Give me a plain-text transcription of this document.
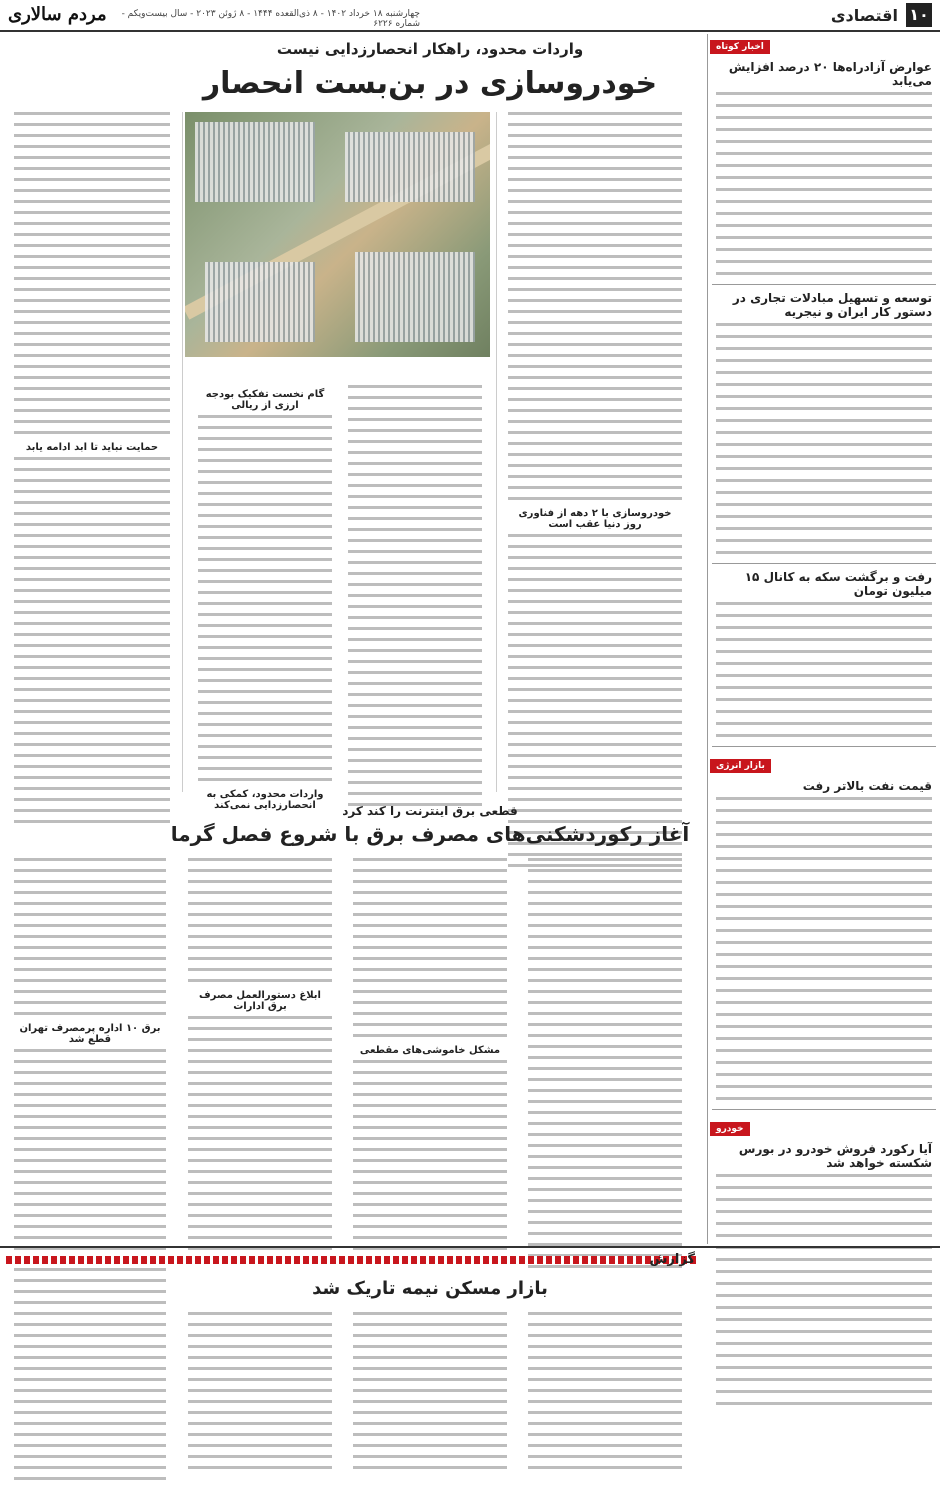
۱۰
اقتصادی
چهارشنبه ۱۸ خرداد ۱۴۰۲ - ۸ ذی‌القعده ۱۴۴۴ - ۸ ژوئن ۲۰۲۳ - سال بیست‌و‌یکم - شماره ۶۲۲۶
مردم سالاری
اخبار کوتاه
عوارض آزادراه‌ها ۲۰ درصد افزایش می‌یابد
توسعه و تسهیل مبادلات تجاری در دستور کار ایران و نیجریه
رفت و برگشت سکه به کانال ۱۵ میلیون تومان
بازار انرژی
قیمت نفت بالاتر رفت
خودرو
آیا رکورد فروش خودرو در بورس شکسته خواهد شد
واردات محدود، راهکار انحصارزدایی نیست
خودروسازی در بن‌بست انحصار
خودروسازی با ۲ دهه از فناوری روز دنیا عقب است
گام نخست تفکیک بودجه ارزی از ریالی
واردات محدود، کمکی به انحصارزدایی نمی‌کند
حمایت نباید تا ابد ادامه یابد
قطعی برق اینترنت را کند کرد
آغاز رکوردشکنی‌های مصرف برق با شروع فصل گرما
مشکل خاموشی‌های مقطعی
ابلاغ دستورالعمل مصرف برق ادارات
برق ۱۰ اداره پرمصرف تهران قطع شد
گزارش
بازار مسکن نیمه تاریک شد
